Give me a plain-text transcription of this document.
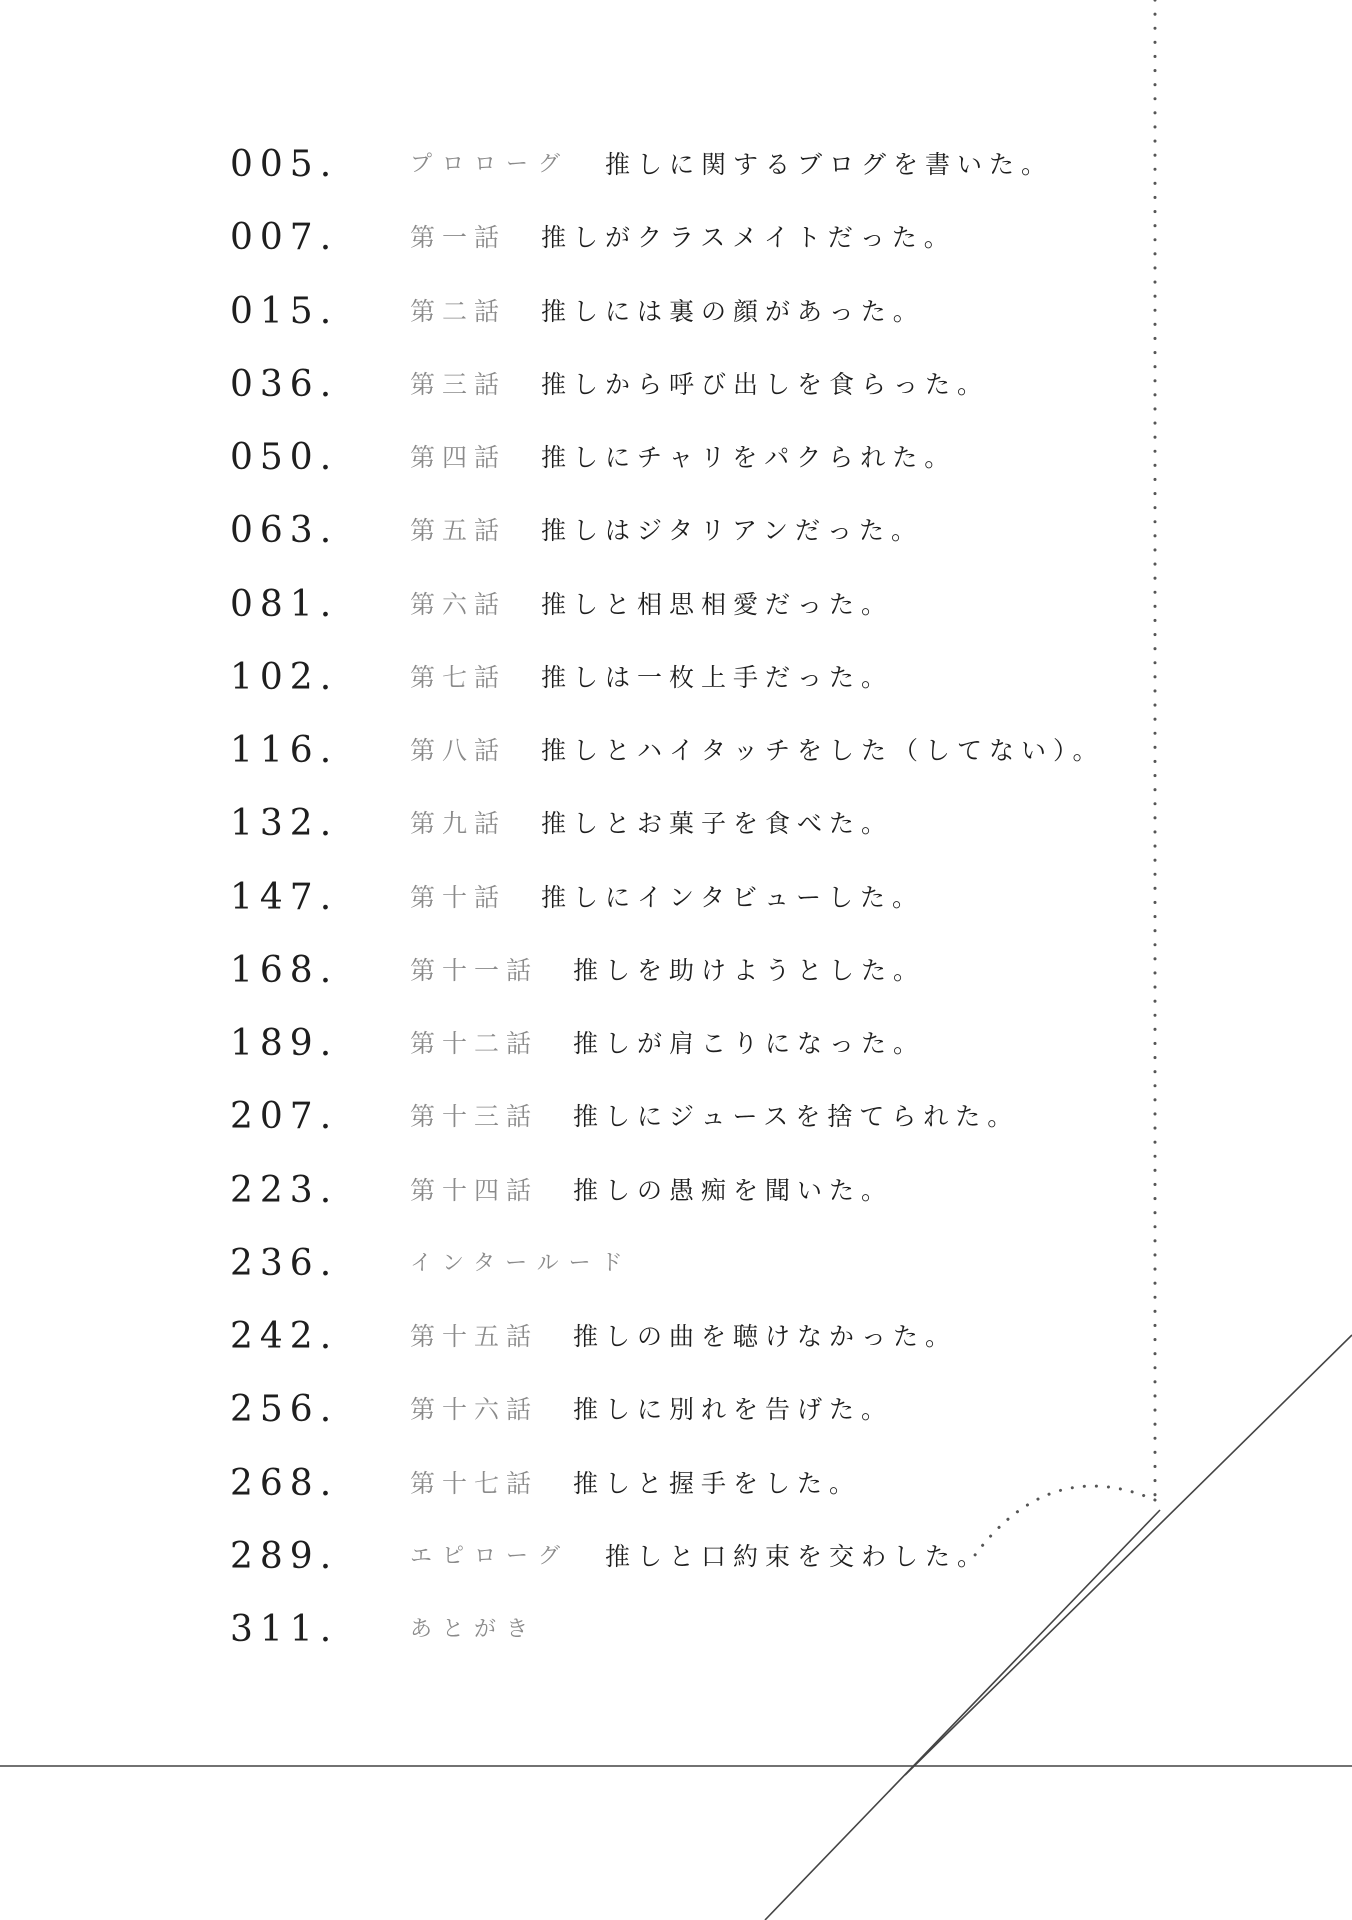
005.	プロローグ 推しに関するブログを書いた。
007.	第一話 推しがクラスメイトだった。
015.	第二話 推しには裏の顔があった。
036.	第三話 推しから呼び出しを食らった。
050.	第四話 推しにチャリをパクられた。
063.	第五話 推しはジタリアンだった。
081.	第六話 推しと相思相愛だった。
102.	第七話 推しは一枚上手だった。
116.	第八話 推しとハイタッチをした（してない）。
132.	第九話 推しとお菓子を食べた。
147.	第十話 推しにインタビューした。
168.	第十一話 推しを助けようとした。
189.	第十二話 推しが肩こりになった。
207.	第十三話 推しにジュースを捨てられた。
223.	第十四話 推しの愚痴を聞いた。
236.	インタールード
242.	第十五話 推しの曲を聴けなかった。
256.	第十六話 推しに別れを告げた。
268.	第十七話 推しと握手をした。
289.	エピローグ 推しと口約束を交わした。
311.	あとがき
